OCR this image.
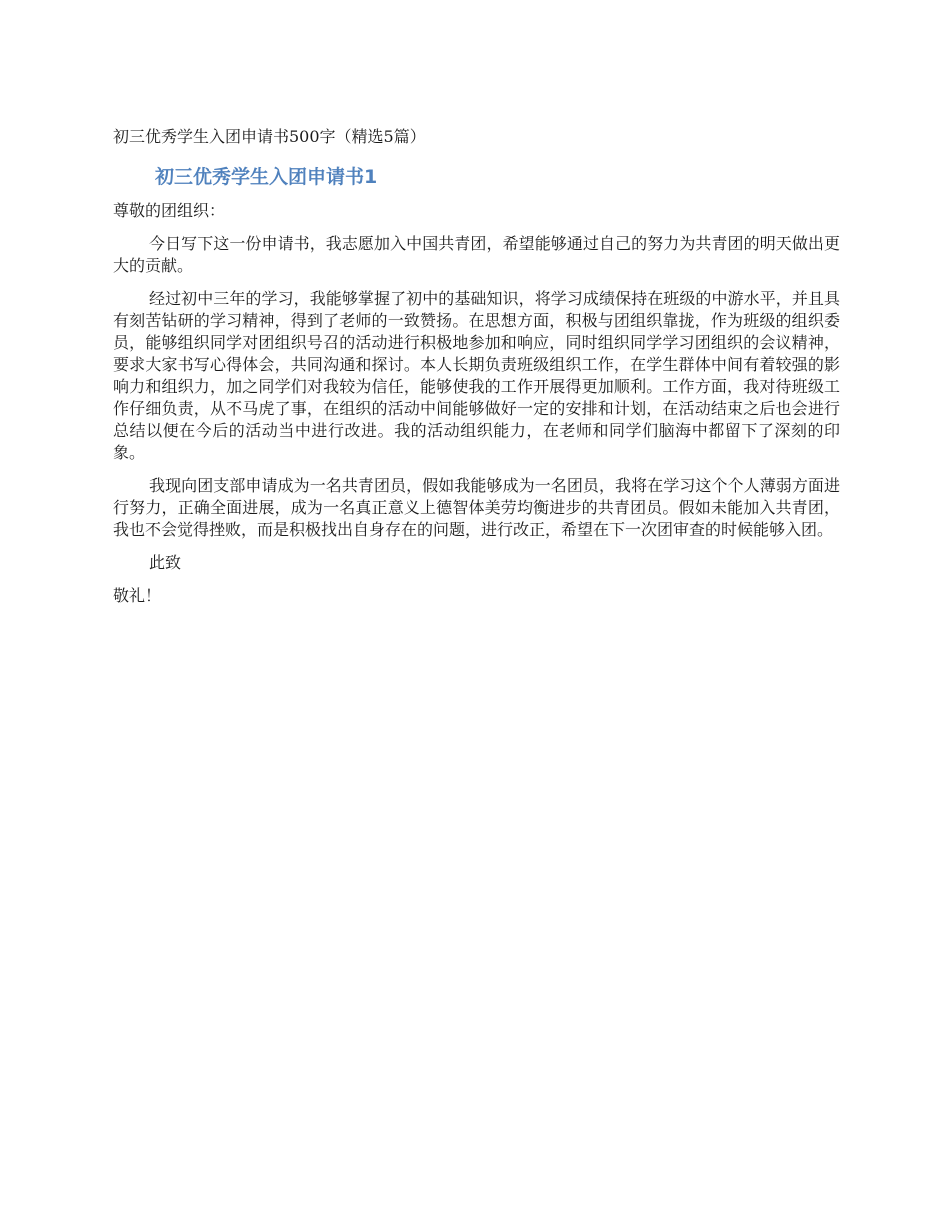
初三优秀学生入团申请书500字（精选5篇）

初三优秀学生入团申请书1

尊敬的团组织：

今日写下这一份申请书，我志愿加入中国共青团，希望能够通过自己的努力为共青团的明天做出更大的贡献。

经过初中三年的学习，我能够掌握了初中的基础知识，将学习成绩保持在班级的中游水平，并且具有刻苦钻研的学习精神，得到了老师的一致赞扬。在思想方面，积极与团组织靠拢，作为班级的组织委员，能够组织同学对团组织号召的活动进行积极地参加和响应，同时组织同学学习团组织的会议精神，要求大家书写心得体会，共同沟通和探讨。本人长期负责班级组织工作，在学生群体中间有着较强的影响力和组织力，加之同学们对我较为信任，能够使我的工作开展得更加顺利。工作方面，我对待班级工作仔细负责，从不马虎了事，在组织的活动中间能够做好一定的安排和计划，在活动结束之后也会进行总结以便在今后的活动当中进行改进。我的活动组织能力，在老师和同学们脑海中都留下了深刻的印象。

我现向团支部申请成为一名共青团员，假如我能够成为一名团员，我将在学习这个个人薄弱方面进行努力，正确全面进展，成为一名真正意义上德智体美劳均衡进步的共青团员。假如未能加入共青团，我也不会觉得挫败，而是积极找出自身存在的问题，进行改正，希望在下一次团审查的时候能够入团。

此致

敬礼！
